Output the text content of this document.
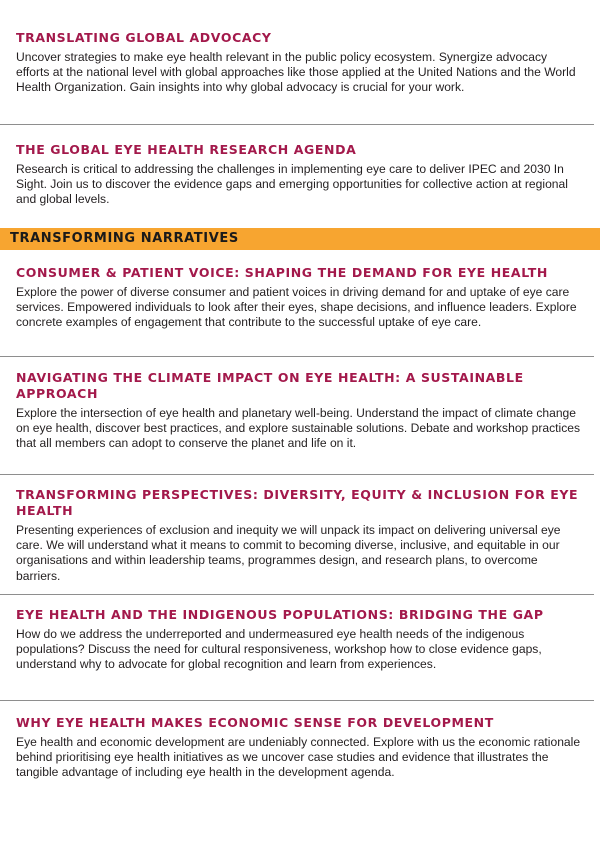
TRANSLATING GLOBAL ADVOCACY

Uncover strategies to make eye health relevant in the public policy ecosystem. Synergize advocacy efforts at the national level with global approaches like those applied at the United Nations and the World Health Organization. Gain insights into why global advocacy is crucial for your work.

THE GLOBAL EYE HEALTH RESEARCH AGENDA

Research is critical to addressing the challenges in implementing eye care to deliver IPEC and 2030 In Sight. Join us to discover the evidence gaps and emerging opportunities for collective action at regional and global levels.

TRANSFORMING NARRATIVES
CONSUMER & PATIENT VOICE: SHAPING THE DEMAND FOR EYE HEALTH

Explore the power of diverse consumer and patient voices in driving demand for and uptake of eye care services. Empowered individuals to look after their eyes, shape decisions, and influence leaders. Explore concrete examples of engagement that contribute to the successful uptake of eye care.

NAVIGATING THE CLIMATE IMPACT ON EYE HEALTH: A SUSTAINABLE APPROACH

Explore the intersection of eye health and planetary well-being. Understand the impact of climate change on eye health, discover best practices, and explore sustainable solutions. Debate and workshop practices that all members can adopt to conserve the planet and life on it.

TRANSFORMING PERSPECTIVES: DIVERSITY, EQUITY & INCLUSION FOR EYE HEALTH

Presenting experiences of exclusion and inequity we will unpack its impact on delivering universal eye care. We will understand what it means to commit to becoming diverse, inclusive, and equitable in our organisations and within leadership teams, programmes design, and research plans, to overcome barriers.

EYE HEALTH AND THE INDIGENOUS POPULATIONS: BRIDGING THE GAP

How do we address the underreported and undermeasured eye health needs of the indigenous populations? Discuss the need for cultural responsiveness, workshop how to close evidence gaps, understand why to advocate for global recognition and learn from experiences.

WHY EYE HEALTH MAKES ECONOMIC SENSE FOR DEVELOPMENT

Eye health and economic development are undeniably connected. Explore with us the economic rationale behind prioritising eye health initiatives as we uncover case studies and evidence that illustrates the tangible advantage of including eye health in the development agenda.
